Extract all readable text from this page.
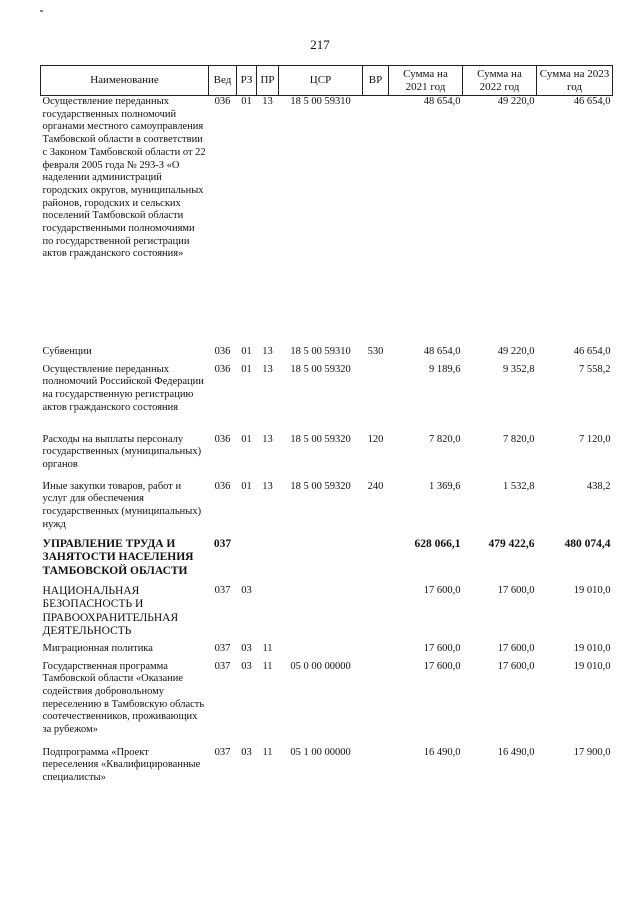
217
Наименование	Вед	РЗ	ПР	ЦСР	ВР	Сумма на 2021 год	Сумма на 2022 год	Сумма на 2023 год
Осуществление переданных государственных полномочий органами местного самоуправления Тамбовской области в соответствии с Законом Тамбовской области от 22 февраля 2005 года № 293-З «О наделении администраций городских округов, муниципальных районов, городских и сельских поселений Тамбовской области государственными полномочиями по государственной регистрации актов гражданского состояния»	036	01	13	18 5 00 59310		48 654,0	49 220,0	46 654,0
Субвенции	036	01	13	18 5 00 59310	530	48 654,0	49 220,0	46 654,0
Осуществление переданных полномочий Российской Федерации на государственную регистрацию актов гражданского состояния	036	01	13	18 5 00 59320		9 189,6	9 352,8	7 558,2
Расходы на выплаты персоналу государственных (муниципальных) органов	036	01	13	18 5 00 59320	120	7 820,0	7 820,0	7 120,0
Иные закупки товаров, работ и услуг для обеспечения государственных (муниципальных) нужд	036	01	13	18 5 00 59320	240	1 369,6	1 532,8	438,2
УПРАВЛЕНИЕ ТРУДА И ЗАНЯТОСТИ НАСЕЛЕНИЯ ТАМБОВСКОЙ ОБЛАСТИ	037					628 066,1	479 422,6	480 074,4
НАЦИОНАЛЬНАЯ БЕЗОПАСНОСТЬ И ПРАВООХРАНИТЕЛЬНАЯ ДЕЯТЕЛЬНОСТЬ	037	03				17 600,0	17 600,0	19 010,0
Миграционная политика	037	03	11			17 600,0	17 600,0	19 010,0
Государственная программа Тамбовской области «Оказание содействия добровольному переселению в Тамбовскую область соотечественников, проживающих за рубежом»	037	03	11	05 0 00 00000		17 600,0	17 600,0	19 010,0
Подпрограмма «Проект переселения «Квалифицированные специалисты»	037	03	11	05 1 00 00000		16 490,0	16 490,0	17 900,0
